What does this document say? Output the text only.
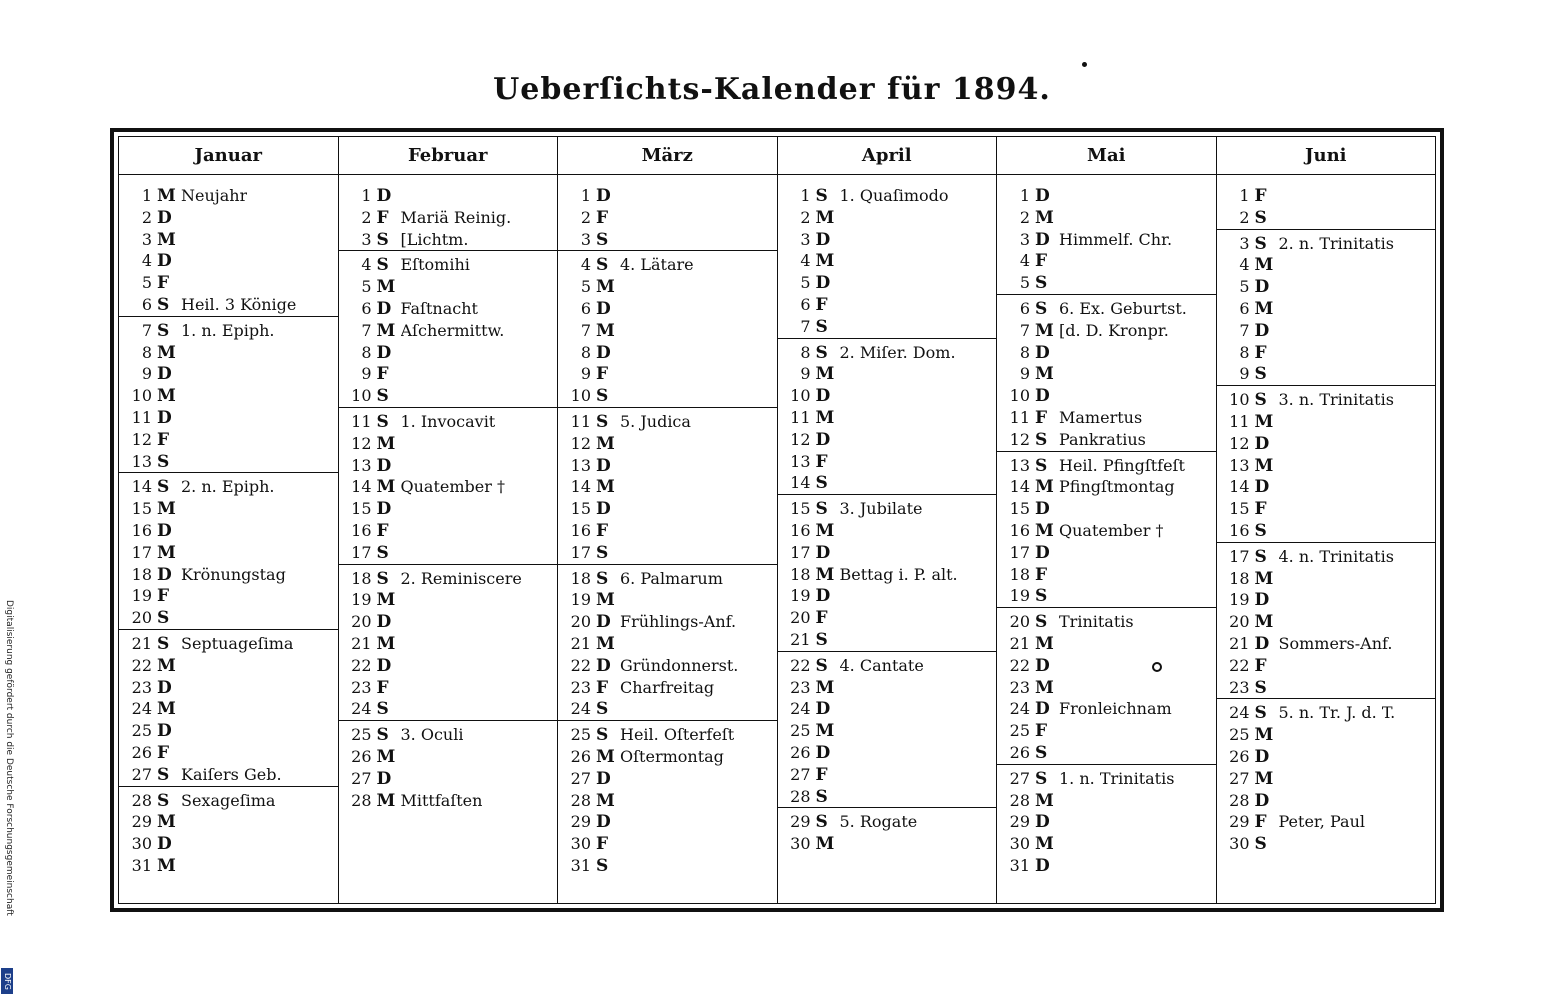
Ueberſichts-Kalender für 1894.
Januar
1 M Neujahr
2 D
3 M
4 D
5 F
6 S Heil. 3 Könige
7 S 1. n. Epiph.
8 M
9 D
10 M
11 D
12 F
13 S
14 S 2. n. Epiph.
15 M
16 D
17 M
18 D Krönungstag
19 F
20 S
21 S Septuageſima
22 M
23 D
24 M
25 D
26 F
27 S Kaiſers Geb.
28 S Sexageſima
29 M
30 D
31 M
Februar
1 D
2 F Mariä Reinig.
3 S [Lichtm.
4 S Eſtomihi
5 M
6 D Faſtnacht
7 M Aſchermittw.
8 D
9 F
10 S
11 S 1. Invocavit
12 M
13 D
14 M Quatember †
15 D
16 F
17 S
18 S 2. Reminiscere
19 M
20 D
21 M
22 D
23 F
24 S
25 S 3. Oculi
26 M
27 D
28 M Mittfaſten
März
1 D
2 F
3 S
4 S 4. Lätare
5 M
6 D
7 M
8 D
9 F
10 S
11 S 5. Judica
12 M
13 D
14 M
15 D
16 F
17 S
18 S 6. Palmarum
19 M
20 D Frühlings-Anf.
21 M
22 D Gründonnerst.
23 F Charfreitag
24 S
25 S Heil. Oſterfeſt
26 M Oſtermontag
27 D
28 M
29 D
30 F
31 S
April
1 S 1. Quaſimodo
2 M
3 D
4 M
5 D
6 F
7 S
8 S 2. Miſer. Dom.
9 M
10 D
11 M
12 D
13 F
14 S
15 S 3. Jubilate
16 M
17 D
18 M Bettag i. P. alt.
19 D
20 F
21 S
22 S 4. Cantate
23 M
24 D
25 M
26 D
27 F
28 S
29 S 5. Rogate
30 M
Mai
1 D
2 M
3 D Himmelf. Chr.
4 F
5 S
6 S 6. Ex. Geburtst.
7 M [d. D. Kronpr.
8 D
9 M
10 D
11 F Mamertus
12 S Pankratius
13 S Heil. Pfingſtfeſt
14 M Pfingſtmontag
15 D
16 M Quatember †
17 D
18 F
19 S
20 S Trinitatis
21 M
22 D
23 M
24 D Fronleichnam
25 F
26 S
27 S 1. n. Trinitatis
28 M
29 D
30 M
31 D
Juni
1 F
2 S
3 S 2. n. Trinitatis
4 M
5 D
6 M
7 D
8 F
9 S
10 S 3. n. Trinitatis
11 M
12 D
13 M
14 D
15 F
16 S
17 S 4. n. Trinitatis
18 M
19 D
20 M
21 D Sommers-Anf.
22 F
23 S
24 S 5. n. Tr. J. d. T.
25 M
26 D
27 M
28 D
29 F Peter, Paul
30 S
Digitalisierung gefördert durch die Deutsche Forschungsgemeinschaft
DFG
